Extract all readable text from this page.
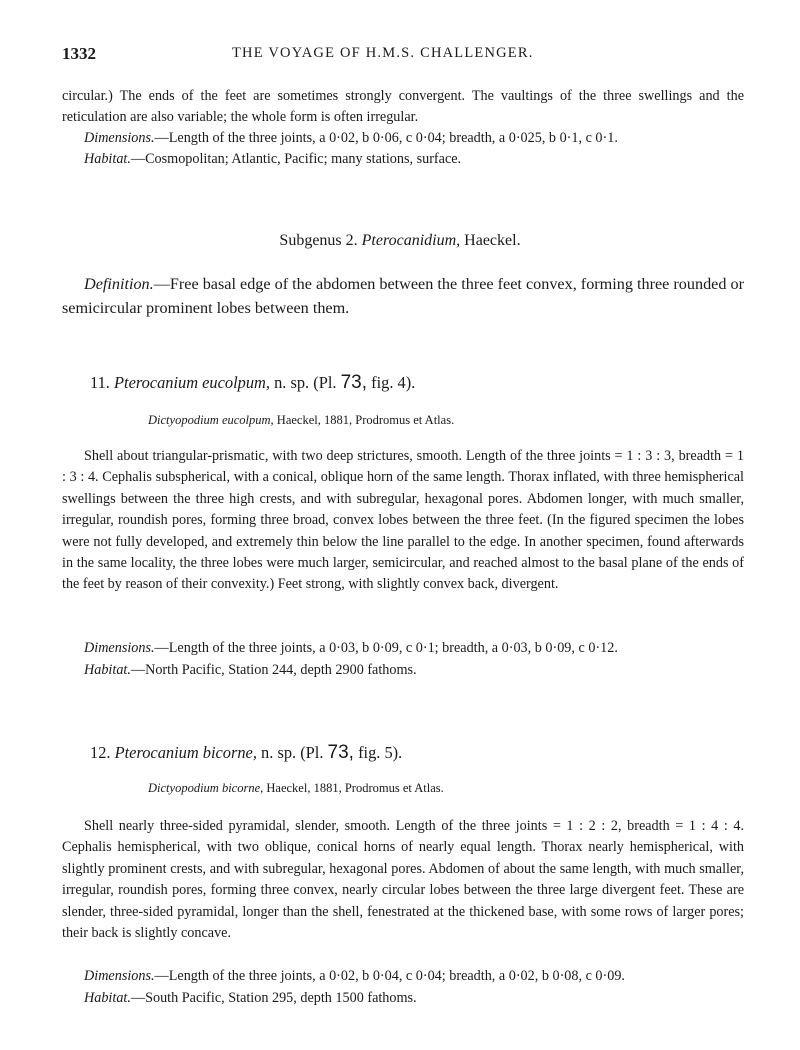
1332	THE VOYAGE OF H.M.S. CHALLENGER.

circular.) The ends of the feet are sometimes strongly convergent. The vaultings of the three swellings and the reticulation are also variable; the whole form is often irregular.

Dimensions.—Length of the three joints, a 0·02, b 0·06, c 0·04; breadth, a 0·025, b 0·1, c 0·1.

Habitat.—Cosmopolitan; Atlantic, Pacific; many stations, surface.

Subgenus 2. Pterocanidium, Haeckel.

Definition.—Free basal edge of the abdomen between the three feet convex, forming three rounded or semicircular prominent lobes between them.

11. Pterocanium eucolpum, n. sp. (Pl. 73, fig. 4).
Dictyopodium eucolpum, Haeckel, 1881, Prodromus et Atlas.

Shell about triangular-prismatic, with two deep strictures, smooth. Length of the three joints = 1 : 3 : 3, breadth = 1 : 3 : 4. Cephalis subspherical, with a conical, oblique horn of the same length. Thorax inflated, with three hemispherical swellings between the three high crests, and with subregular, hexagonal pores. Abdomen longer, with much smaller, irregular, roundish pores, forming three broad, convex lobes between the three feet. (In the figured specimen the lobes were not fully developed, and extremely thin below the line parallel to the edge. In another specimen, found afterwards in the same locality, the three lobes were much larger, semicircular, and reached almost to the basal plane of the ends of the feet by reason of their convexity.) Feet strong, with slightly convex back, divergent.

Dimensions.—Length of the three joints, a 0·03, b 0·09, c 0·1; breadth, a 0·03, b 0·09, c 0·12.

Habitat.—North Pacific, Station 244, depth 2900 fathoms.

12. Pterocanium bicorne, n. sp. (Pl. 73, fig. 5).
Dictyopodium bicorne, Haeckel, 1881, Prodromus et Atlas.

Shell nearly three-sided pyramidal, slender, smooth. Length of the three joints = 1 : 2 : 2, breadth = 1 : 4 : 4. Cephalis hemispherical, with two oblique, conical horns of nearly equal length. Thorax nearly hemispherical, with slightly prominent crests, and with subregular, hexagonal pores. Abdomen of about the same length, with much smaller, irregular, roundish pores, forming three convex, nearly circular lobes between the three large divergent feet. These are slender, three-sided pyramidal, longer than the shell, fenestrated at the thickened base, with some rows of larger pores; their back is slightly concave.

Dimensions.—Length of the three joints, a 0·02, b 0·04, c 0·04; breadth, a 0·02, b 0·08, c 0·09.

Habitat.—South Pacific, Station 295, depth 1500 fathoms.
